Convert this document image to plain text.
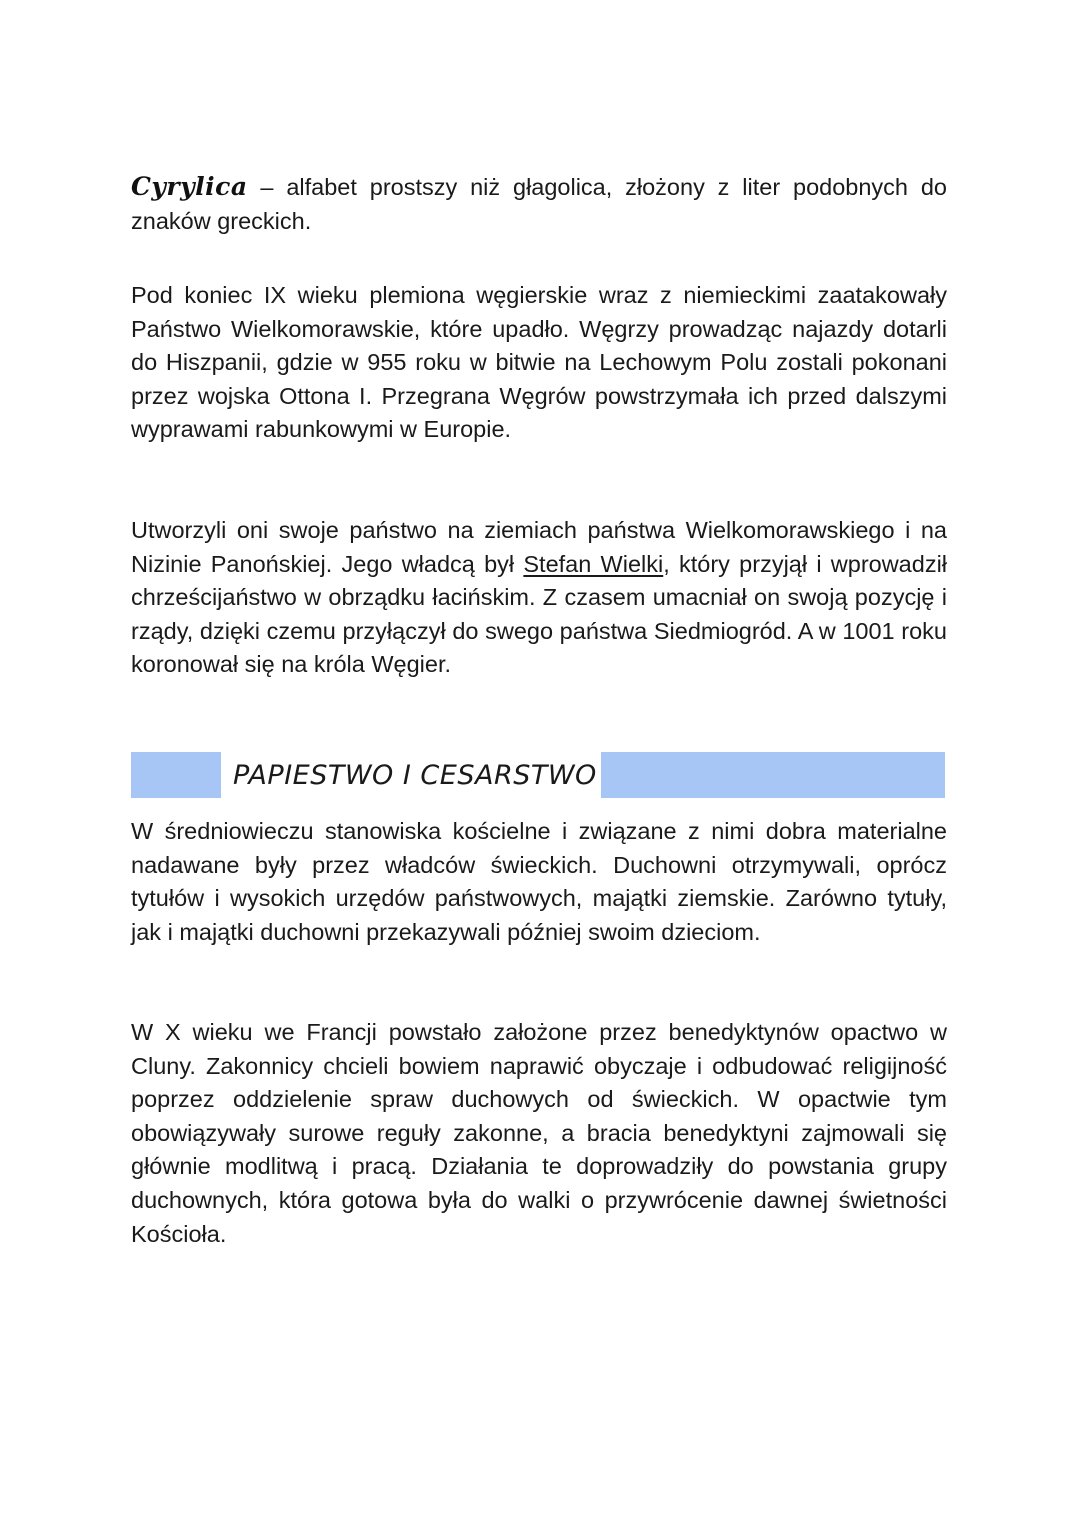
Cyrylica – alfabet prostszy niż głagolica, złożony z liter podobnych do znaków greckich.

Pod koniec IX wieku plemiona węgierskie wraz z niemieckimi zaatakowały Państwo Wielkomorawskie, które upadło. Węgrzy prowadząc najazdy dotarli do Hiszpanii, gdzie w 955 roku w bitwie na Lechowym Polu zostali pokonani przez wojska Ottona I. Przegrana Węgrów powstrzymała ich przed dalszymi wyprawami rabunkowymi w Europie.

Utworzyli oni swoje państwo na ziemiach państwa Wielkomorawskiego i na Nizinie Panońskiej. Jego władcą był Stefan Wielki, który przyjął i wprowadził chrześcijaństwo w obrządku łacińskim. Z czasem umacniał on swoją pozycję i rządy, dzięki czemu przyłączył do swego państwa Siedmiogród. A w 1001 roku koronował się na króla Węgier.

PAPIESTWO I CESARSTWO

W średniowieczu stanowiska kościelne i związane z nimi dobra materialne nadawane były przez władców świeckich. Duchowni otrzymywali, oprócz tytułów i wysokich urzędów państwowych, majątki ziemskie. Zarówno tytuły, jak i majątki duchowni przekazywali później swoim dzieciom.

W X wieku we Francji powstało założone przez benedyktynów opactwo w Cluny. Zakonnicy chcieli bowiem naprawić obyczaje i odbudować religijność poprzez oddzielenie spraw duchowych od świeckich. W opactwie tym obowiązywały surowe reguły zakonne, a bracia benedyktyni zajmowali się głównie modlitwą i pracą. Działania te doprowadziły do powstania grupy duchownych, która gotowa była do walki o przywrócenie dawnej świetności Kościoła.
